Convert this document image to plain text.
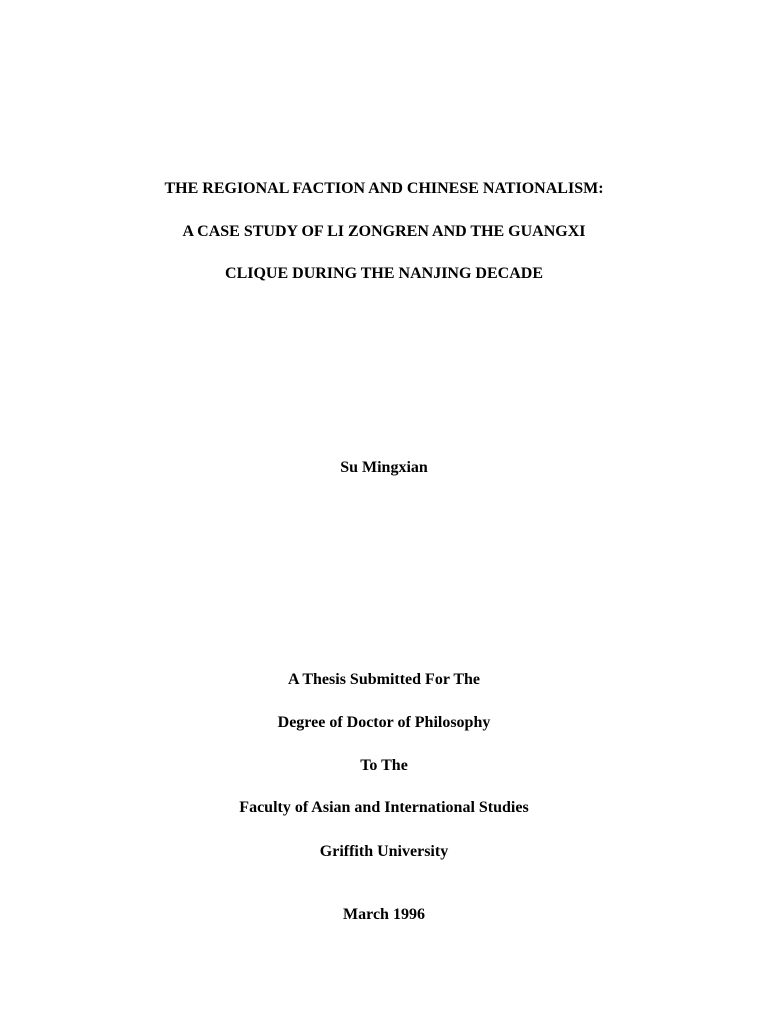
THE REGIONAL FACTION AND CHINESE NATIONALISM:
A CASE STUDY OF LI ZONGREN AND THE GUANGXI
CLIQUE DURING THE NANJING DECADE
Su Mingxian
A Thesis Submitted For The
Degree of Doctor of Philosophy
To The
Faculty of Asian and International Studies
Griffith University
March 1996
